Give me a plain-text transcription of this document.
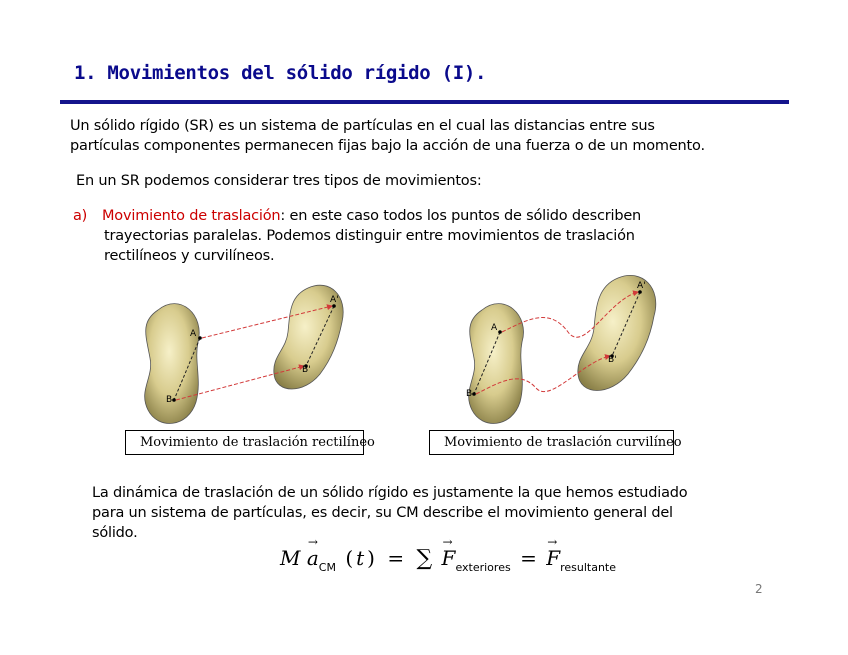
1. Movimientos del sólido rígido (I).
Un sólido rígido (SR) es un sistema de partículas en el cual las distancias entre sus
partículas componentes permanecen fijas bajo la acción de una fuerza o de un momento.
En un SR podemos considerar tres tipos de movimientos:
a) Movimiento de traslación: en este caso todos los puntos de sólido describen
trayectorias paralelas. Podemos distinguir entre movimientos de traslación
rectilíneos y curvilíneos.
A
B
A'
B'
A
B
A'
B'
Movimiento de traslación rectilíneo	Movimiento de traslación curvilíneo
La dinámica de traslación de un sólido rígido es justamente la que hemos estudiado
para un sistema de partículas, es decir, su CM describe el movimiento general del
sólido.
$M \to a_{CM}$ ( t ) = ∑ → $F_{exteriores}$ = → $F_{resultante}$
2
